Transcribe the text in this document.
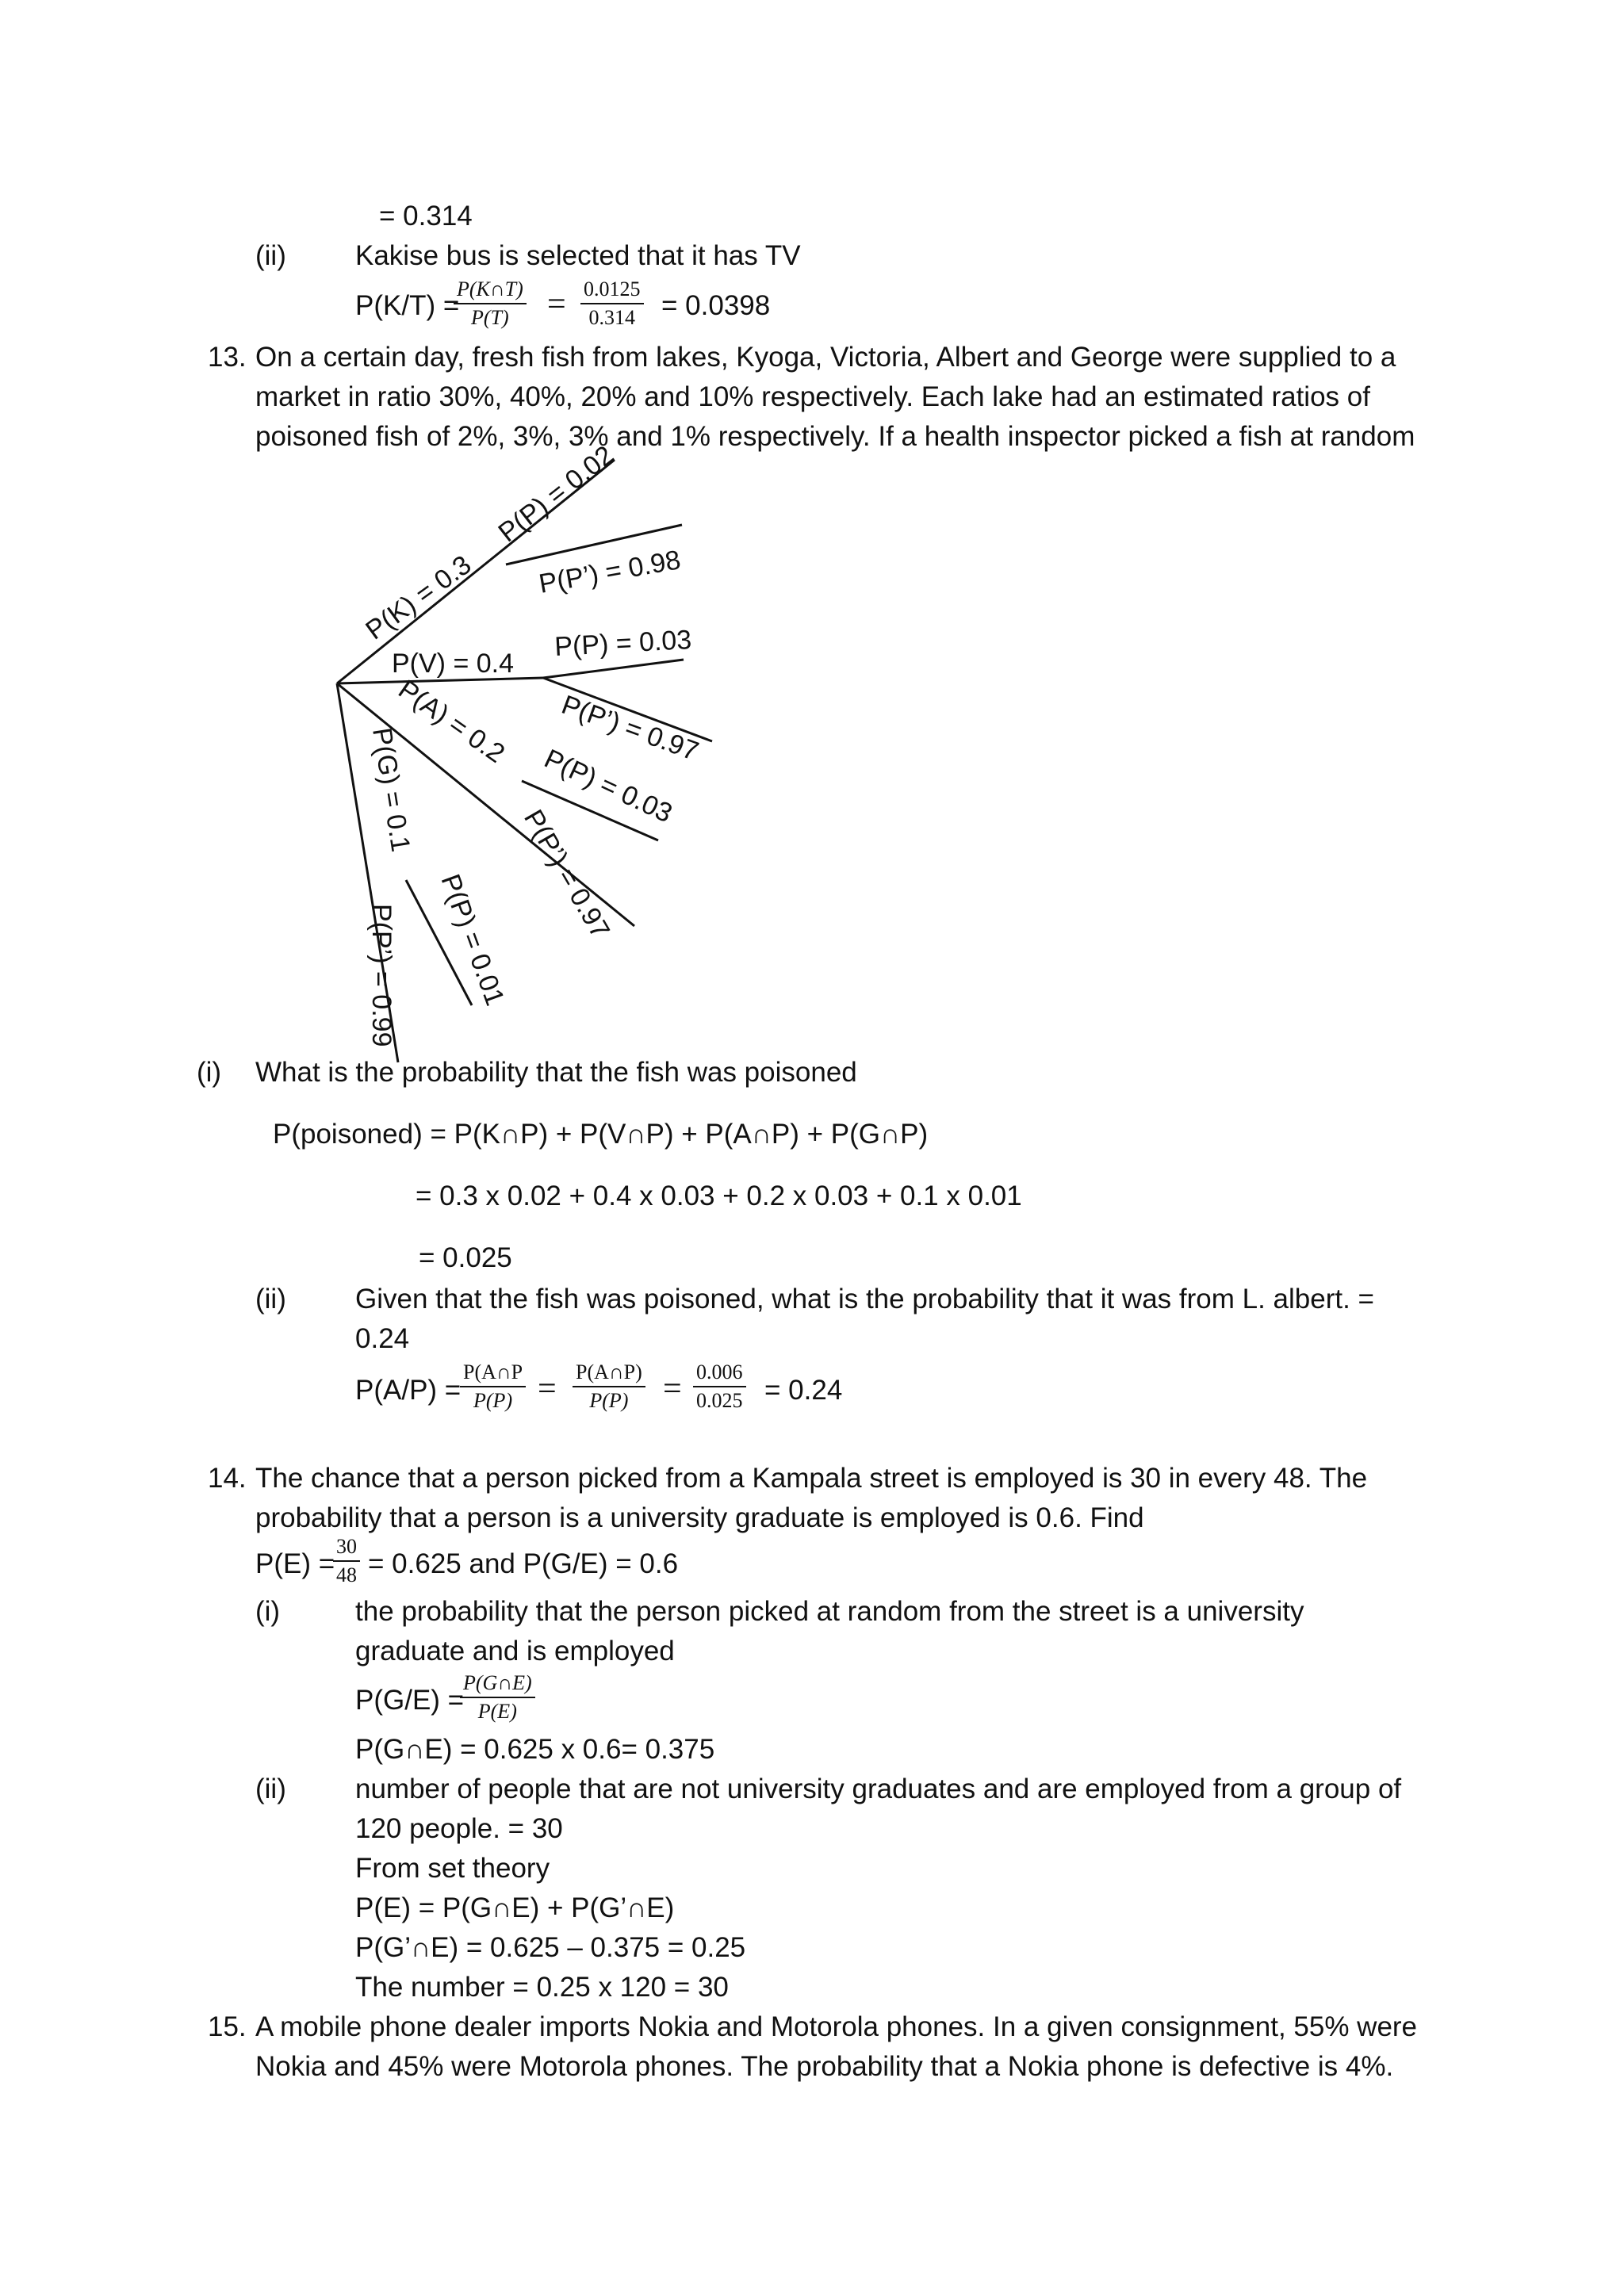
= 0.314
(ii) Kakise bus is selected that it has TV
P(K/T) =
$\frac{P(K\cap T)}{P(T)} = \frac{0.0125}{0.314} = 0.0398$
13. On a certain day, fresh fish from lakes, Kyoga, Victoria, Albert and George were supplied to a
market in ratio 30%, 40%, 20% and 10% respectively. Each lake had an estimated ratios of
poisoned fish of 2%, 3%, 3% and 1% respectively. If a health inspector picked a fish at random
P(K) = 0.3
P(P) = 0.02
P(P’) = 0.98
P(V) = 0.4
P(P) = 0.03
P(P’) = 0.97
P(A) = 0.2
P(P) = 0.03
P(P’) = 0.97
P(G) = 0.1
P(P) = 0.01
P(P’) = 0.99
(i) What is the probability that the fish was poisoned
P(poisoned) = P(K∩P) + P(V∩P) + P(A∩P) + P(G∩P)
= 0.3 x 0.02 + 0.4 x 0.03 + 0.2 x 0.03 + 0.1 x 0.01
= 0.025
(ii) Given that the fish was poisoned, what is the probability that it was from L. albert. =
0.24
P(A/P) =
$\frac{P(A\cap P}{P(P)} = \frac{P(A\cap P)}{P(P)} = \frac{0.006}{0.025} = 0.24$
14. The chance that a person picked from a Kampala street is employed is 30 in every 48. The
probability that a person is a university graduate is employed is 0.6. Find
P(E) =
$\frac{30}{48} = 0.625$ and P(G/E) = 0.6
(i)	the probability that the person picked at random from the street is a university
graduate and is employed
P(G/E) =
$\frac{P(G\cap E)}{P(E)}$
P(G∩E) = 0.625 x 0.6= 0.375
(ii) number of people that are not university graduates and are employed from a group of
120 people. = 30
From set theory
P(E) = P(G∩E) + P(G’∩E)
P(G’∩E) = 0.625 – 0.375 = 0.25
The number = 0.25 x 120 = 30
15. A mobile phone dealer imports Nokia and Motorola phones. In a given consignment, 55% were
Nokia and 45% were Motorola phones. The probability that a Nokia phone is defective is 4%.
